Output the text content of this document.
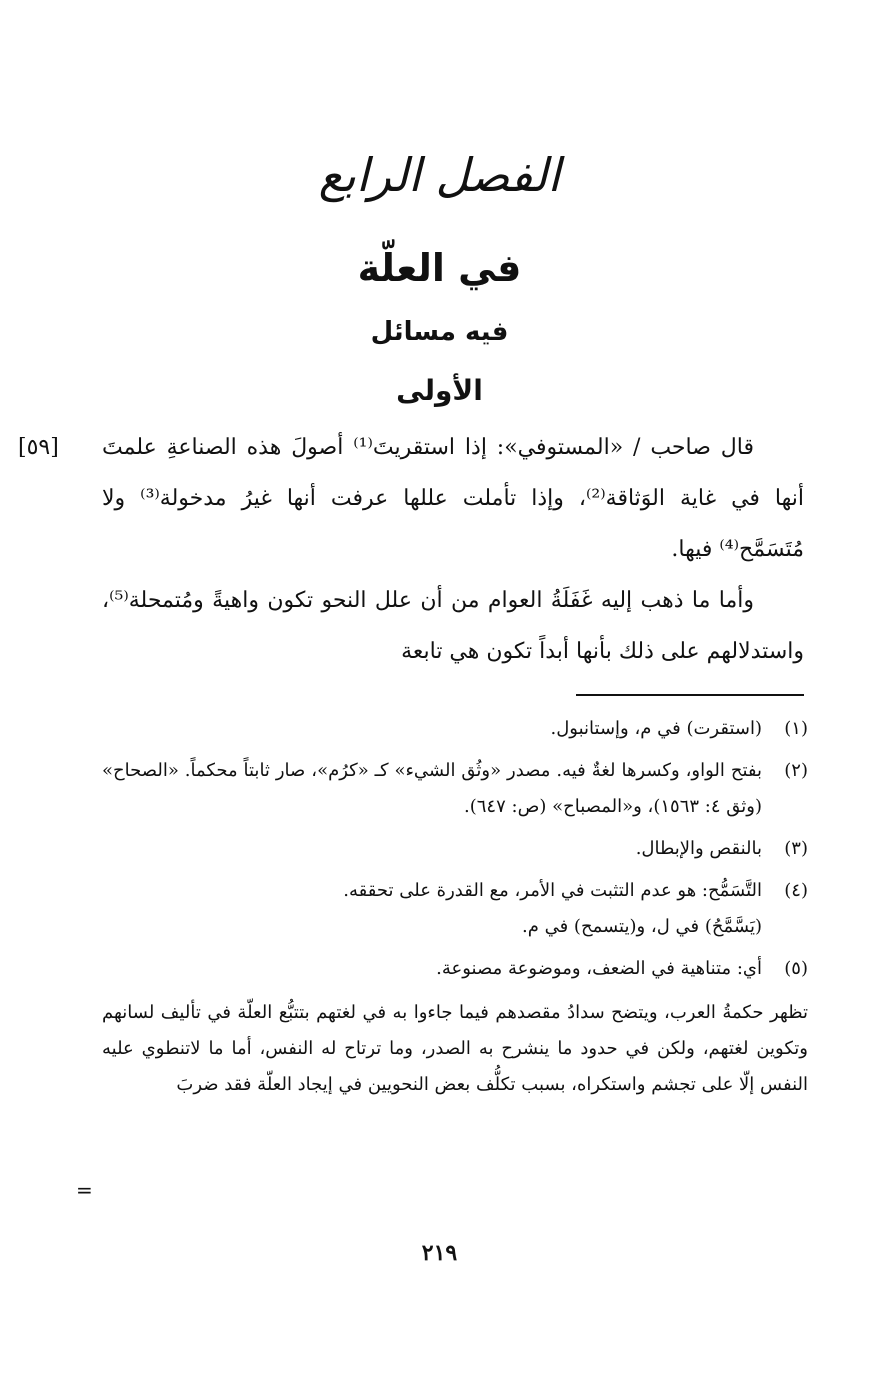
الفصل الرابع
في العلّة
فيه مسائل
الأولى
[٥٩] قال صاحب / «المستوفي»: إذا استقريتَ⁽¹⁾ أصولَ هذه الصناعةِ علمتَ أنها في غاية الوَثاقة⁽²⁾، وإذا تأملت عللها عرفت أنها غيرُ مدخولة⁽³⁾ ولا مُتَسَمَّح⁽⁴⁾ فيها.

وأما ما ذهب إليه غَفَلَةُ العوام من أن علل النحو تكون واهيةً ومُتمحلة⁽⁵⁾، واستدلالهم على ذلك بأنها أبداً تكون هي تابعة

(١)
(استقرت) في م، وإستانبول.
(٢)
بفتح الواو، وكسرها لغةٌ فيه. مصدر «وثُق الشيء» كـ «كرُم»، صار ثابتاً محكماً. «الصحاح» (وثق ٤: ١٥٦٣)، و«المصباح» (ص: ٦٤٧).
(٣)
بالنقص والإبطال.
(٤)
التَّسَمُّح: هو عدم التثبت في الأمر، مع القدرة على تحققه.
(يَسَّمَّحُ) في ل، و(يتسمح) في م.
(٥)
أي: متناهية في الضعف، وموضوعة مصنوعة.
تظهر حكمةُ العرب، ويتضح سدادُ مقصدهم فيما جاءوا به في لغتهم بتتبُّع العلّة في تأليف لسانهم وتكوين لغتهم، ولكن في حدود ما ينشرح به الصدر، وما ترتاح له النفس، أما ما لاتنطوي عليه النفس إلّا على تجشم واستكراه، بسبب تكلُّف بعض النحويين في إيجاد العلّة فقد ضربَ
=
٢١٩
